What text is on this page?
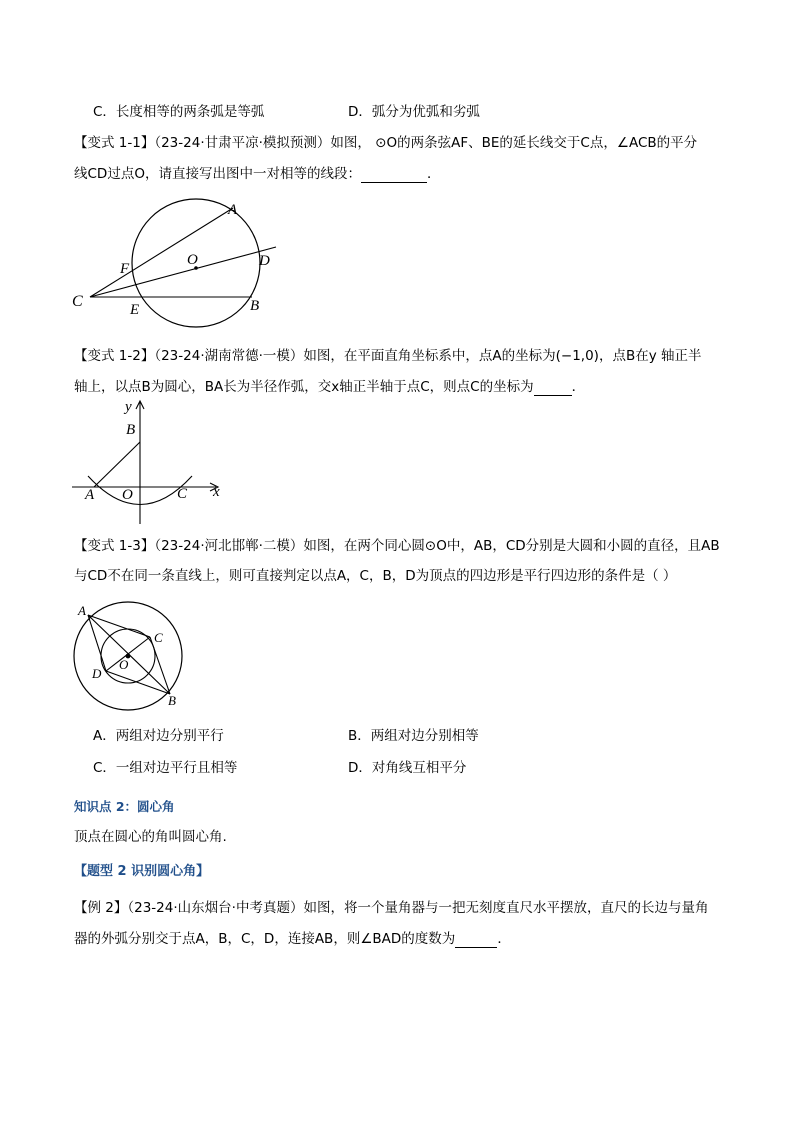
C．长度相等的两条弧是等弧	D．弧分为优弧和劣弧
【变式 1-1】（23-24·甘肃平凉·模拟预测）如图， ⊙O的两条弦AF、BE的延长线交于C点，∠ACB的平分
线CD过点O，请直接写出图中一对相等的线段：	．
A
B
C
D
E
F
O
【变式 1-2】（23-24·湖南常德·一模）如图，在平面直角坐标系中，点A的坐标为(−1,0)，点B在y 轴正半
轴上，以点B为圆心，BA长为半径作弧，交x轴正半轴于点C，则点C的坐标为	．
y
B
A O	C x
【变式 1-3】（23-24·河北邯郸·二模）如图，在两个同心圆⊙O中，AB，CD分别是大圆和小圆的直径，且AB
与CD不在同一条直线上，则可直接判定以点A，C，B，D为顶点的四边形是平行四边形的条件是（ ）
A
C
O
D
B
A．两组对边分别平行	B．两组对边分别相等
C．一组对边平行且相等	D．对角线互相平分
知识点 2：圆心角
顶点在圆心的角叫圆心角.
【题型 2 识别圆心角】
【例 2】（23-24·山东烟台·中考真题）如图，将一个量角器与一把无刻度直尺水平摆放，直尺的长边与量角
器的外弧分别交于点A，B，C，D，连接AB，则∠BAD的度数为	．
